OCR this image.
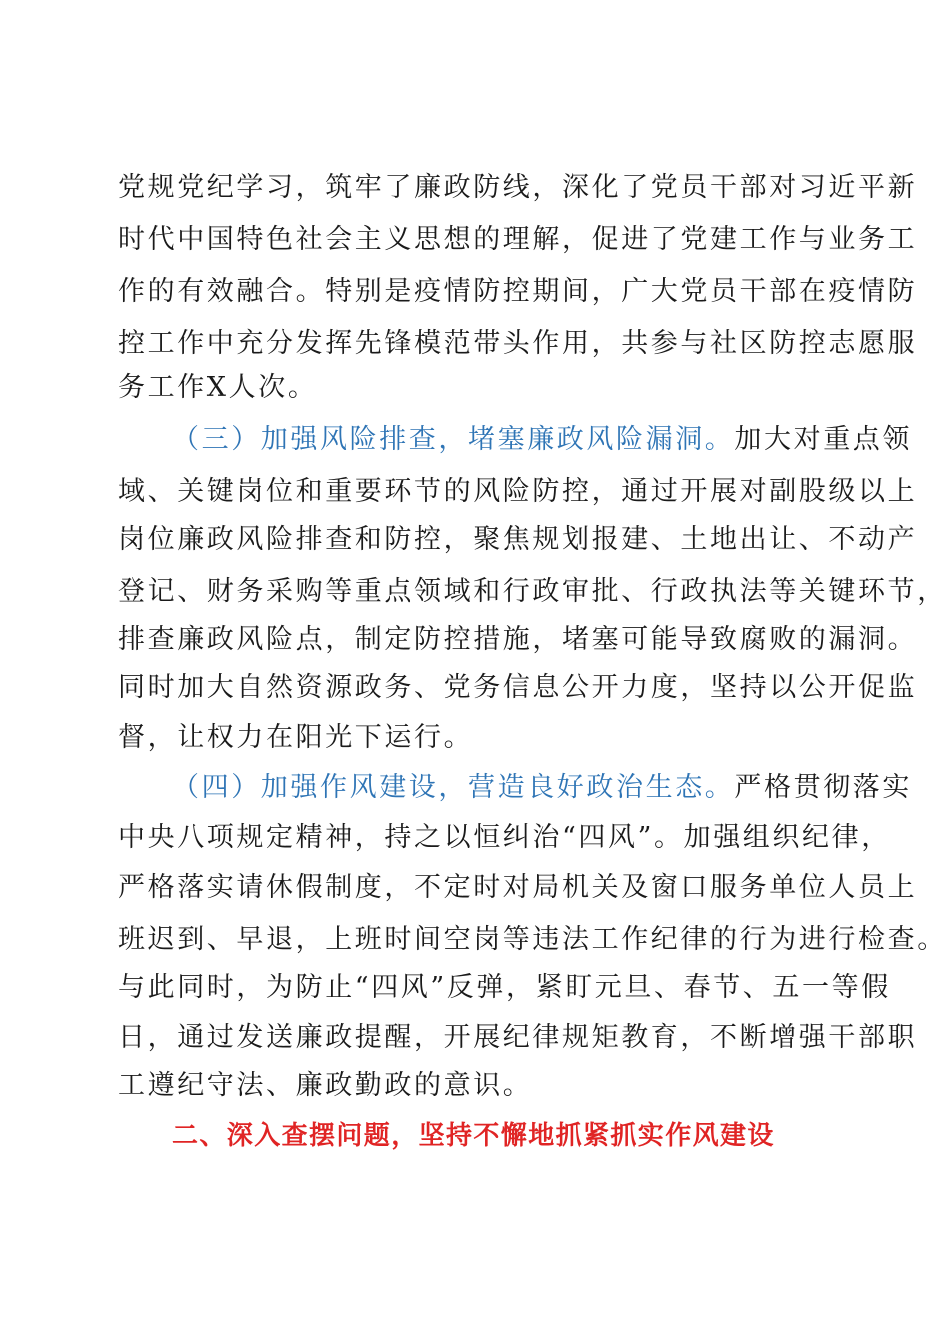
党规党纪学习，筑牢了廉政防线，深化了党员干部对习近平新
时代中国特色社会主义思想的理解，促进了党建工作与业务工
作的有效融合。特别是疫情防控期间，广大党员干部在疫情防
控工作中充分发挥先锋模范带头作用，共参与社区防控志愿服
务工作X人次。
（三）加强风险排查，堵塞廉政风险漏洞。加大对重点领
域、关键岗位和重要环节的风险防控，通过开展对副股级以上
岗位廉政风险排查和防控，聚焦规划报建、土地出让、不动产
登记、财务采购等重点领域和行政审批、行政执法等关键环节，
排查廉政风险点，制定防控措施，堵塞可能导致腐败的漏洞。
同时加大自然资源政务、党务信息公开力度，坚持以公开促监
督，让权力在阳光下运行。
（四）加强作风建设，营造良好政治生态。严格贯彻落实
中央八项规定精神，持之以恒纠治“四风”。加强组织纪律，
严格落实请休假制度，不定时对局机关及窗口服务单位人员上
班迟到、早退，上班时间空岗等违法工作纪律的行为进行检查。
与此同时，为防止“四风”反弹，紧盯元旦、春节、五一等假
日，通过发送廉政提醒，开展纪律规矩教育，不断增强干部职
工遵纪守法、廉政勤政的意识。
二、深入查摆问题，坚持不懈地抓紧抓实作风建设
